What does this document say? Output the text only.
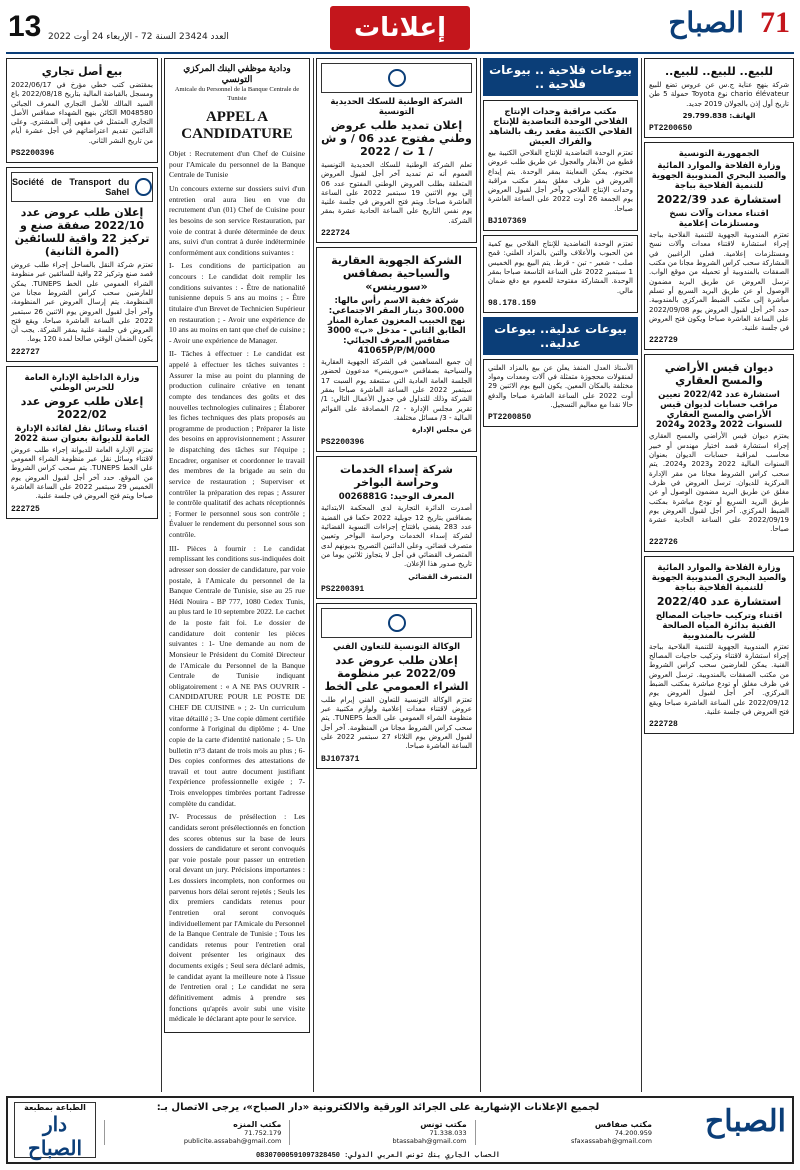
13 العدد 23424 السنة 72 - الإربعاء 24 أوت 2022	إعلانات	71
الصباح
للبيع.. للبيع.. للبيع..
شركة بنهج عناية ج.س عن عروس تضع للبيع chario élévateur نوع Toyota حمولة 5 طن تاريخ أول إذن بالجولان 2019 جديد.
الهاتف: 29.799.838
PT2200650
الجمهورية التونسية
وزارة الفلاحة والموارد المائية والصيد البحري المندوبية الجهوية للتنمية الفلاحية بباجة
استشارة عدد 2022/39
اقتناء معدات وآلات نسخ ومستلزمات إعلامية
تعتزم المندوبية الجهوية للتنمية الفلاحية بباجة إجراء استشارة لاقتناء معدات وآلات نسخ ومستلزمات إعلامية. فعلى الراغبين في المشاركة سحب كراس الشروط مجانا من مكتب الصفقات بالمندوبية أو تحميله من موقع الواب. ترسل العروض عن طريق البريد مضمون الوصول أو عن طريق البريد السريع أو تسلم مباشرة إلى مكتب الضبط المركزي بالمندوبية. حدد آخر أجل لقبول العروض يوم 2022/09/08 على الساعة العاشرة صباحا ويكون فتح العروض في جلسة علنية.
222729
ديوان قيس الأراضي والمسح العقاري
استشارة عدد 2022/42 تعيين مراقب حسابات لديوان قيس الأراضي والمسح العقاري للسنوات 2022 و2023 و2024
يعتزم ديوان قيس الأراضي والمسح العقاري إجراء استشارة قصد اختيار مهندس أو خبير محاسب لمراقبة حسابات الديوان بعنوان السنوات المالية 2022 و2023 و2024. يتم سحب كراس الشروط مجانا من مقر الإدارة المركزية للديوان. ترسل العروض في ظرف مغلق عن طريق البريد مضمون الوصول أو عن طريق البريد السريع أو تودع مباشرة بمكتب الضبط المركزي. آخر أجل لقبول العروض يوم 2022/09/19 على الساعة الحادية عشرة صباحا.
222726
وزارة الفلاحة والموارد المائية والصيد البحري المندوبية الجهوية للتنمية الفلاحية بباجة
استشارة عدد 2022/40
اقتناء وتركيب حاجيات المصالح الفنية بدائرة المياه الصالحة للشرب بالمندوبية
تعتزم المندوبية الجهوية للتنمية الفلاحية بباجة إجراء استشارة لاقتناء وتركيب حاجيات المصالح الفنية. يمكن للعارضين سحب كراس الشروط من مكتب الصفقات بالمندوبية. ترسل العروض في ظرف مغلق أو تودع مباشرة بمكتب الضبط المركزي. آخر أجل لقبول العروض يوم 2022/09/12 على الساعة العاشرة صباحا ويقع فتح العروض في جلسة علنية.
222728
بيوعات فلاحية .. بيوعات فلاحية ..
مكتب مراقبة وحدات الإنتاج الفلاحي الوحدة التعاضدية للإنتاج الفلاحي الكتيبة مقعد ريف بالشاهد والفراك العيش
تعتزم الوحدة التعاضدية للإنتاج الفلاحي الكتيبة بيع قطيع من الأبقار والعجول عن طريق طلب عروض مختوم. يمكن المعاينة بمقر الوحدة. يتم إيداع العروض في ظرف مغلق بمقر مكتب مراقبة وحدات الإنتاج الفلاحي وآخر أجل لقبول العروض يوم الجمعة 26 أوت 2022 على الساعة العاشرة صباحا.
BJ107369
تعتزم الوحدة التعاضدية للإنتاج الفلاحي بيع كمية من الحبوب والأعلاف والتبن بالمزاد العلني: قمح صلب - شعير - تبن - قرط. يتم البيع يوم الخميس 1 سبتمبر 2022 على الساعة التاسعة صباحا بمقر الوحدة. المشاركة مفتوحة للعموم مع دفع ضمان مالي.
98.178.159
بيوعات عدلية.. بيوعات عدلية..
الأستاذ العدل المنفذ يعلن عن بيع بالمزاد العلني لمنقولات محجوزة متمثلة في آلات ومعدات ومواد مختلفة بالمكان المعين. يكون البيع يوم الاثنين 29 أوت 2022 على الساعة العاشرة صباحا والدفع حالا نقدا مع معاليم التسجيل.
PT2200850
الشركة الوطنية للسكك الحديدية التونسية
إعلان تمديد طلب عروض وطني مفتوح عدد 06 / و ش / 1 ت / 2022
تعلم الشركة الوطنية للسكك الحديدية التونسية العموم أنه تم تمديد آخر أجل لقبول العروض المتعلقة بطلب العروض الوطني المفتوح عدد 06 إلى يوم الاثنين 19 سبتمبر 2022 على الساعة العاشرة صباحا. ويتم فتح العروض في جلسة علنية يوم نفس التاريخ على الساعة الحادية عشرة بمقر الشركة.
222724
الشركة الجهوية العقارية والسياحية بصفاقس «سورينس»
شركة خفية الاسم رأس مالها: 300.000 دينار المقر الاجتماعي: نهج الحبيب المعزون عمارة المنار الطابق الثاني - مدخل «ب» 3000 صفاقس المعرف الجبائي: 41065P/P/M/000
إن جميع المساهمين في الشركة الجهوية العقارية والسياحية بصفاقس «سورينس» مدعوون لحضور الجلسة العامة العادية التي ستنعقد يوم السبت 17 سبتمبر 2022 على الساعة العاشرة صباحا بمقر الشركة وذلك للتداول في جدول الأعمال التالي: 1/ تقرير مجلس الإدارة - 2/ المصادقة على القوائم المالية - 3/ مسائل مختلفة.
عن مجلس الإدارة
PS2200396
شركة إسداء الخدمات وحراسة البواخر
المعرف الوحيد: 0026881G
أصدرت الدائرة التجارية لدى المحكمة الابتدائية بصفاقس بتاريخ 12 جويلية 2022 حكما في القضية عدد 283 يقضي بافتتاح إجراءات التسوية القضائية لشركة إسداء الخدمات وحراسة البواخر وتعيين متصرف قضائي. وعلى الدائنين التصريح بديونهم لدى المتصرف القضائي في أجل لا يتجاوز ثلاثين يوما من تاريخ صدور هذا الإعلان.
المتصرف القضائي
PS2200391
الوكالة التونسية للتعاون الفني
إعلان طلب عروض عدد 2022/09 عبر منظومة الشراء العمومي على الخط
تعتزم الوكالة التونسية للتعاون الفني إبرام طلب عروض لاقتناء معدات إعلامية ولوازم مكتبية عبر منظومة الشراء العمومي على الخط TUNEPS. يتم سحب كراس الشروط مجانا من المنظومة. آخر أجل لقبول العروض يوم الثلاثاء 27 سبتمبر 2022 على الساعة العاشرة صباحا.
BJ107371
ودادية موظفي البنك المركزي التونسي
Amicale du Personnel de la Banque Centrale de Tunisie
APPEL A CANDIDATURE
Objet : Recrutement d'un Chef de Cuisine pour l'Amicale du personnel de la Banque Centrale de Tunisie
Un concours externe sur dossiers suivi d'un entretien oral aura lieu en vue du recrutement d'un (01) Chef de Cuisine pour les besoins de son service Restauration, par voie de contrat à durée déterminée de deux ans, suivi d'un contrat à durée indéterminée conformément aux conditions suivantes :
I- Les conditions de participation au concours : Le candidat doit remplir les conditions suivantes : - Être de nationalité tunisienne depuis 5 ans au moins ; - Être titulaire d'un Brevet de Technicien Supérieur en restauration ; - Avoir une expérience de 10 ans au moins en tant que chef de cuisine ; - Avoir une expérience de Manager.
II- Tâches à effectuer : Le candidat est appelé à effectuer les tâches suivantes : Assurer la mise au point du planning de production culinaire créative en tenant compte des tendances des goûts et des nouvelles technologies culinaires ; Élaborer les fiches techniques des plats proposés au programme de production ; Préparer la liste des besoins en approvisionnement ; Assurer le dispatching des tâches sur l'équipe ; Encadrer, organiser et coordonner le travail des membres de la brigade au sein du service de restauration ; Superviser et contrôler la préparation des repas ; Assurer le contrôle qualitatif des achats réceptionnés ; Former le personnel sous son contrôle ; Évaluer le rendement du personnel sous son contrôle.
III- Pièces à fournir : Le candidat remplissant les conditions sus-indiquées doit adresser son dossier de candidature, par voie postale, à l'Amicale du personnel de la Banque Centrale de Tunisie, sise au 25 rue Hédi Nouira - BP 777, 1080 Cedex Tunis, au plus tard le 10 septembre 2022. Le cachet de la poste fait foi. Le dossier de candidature doit contenir les pièces suivantes : 1- Une demande au nom de Monsieur le Président du Comité Directeur de l'Amicale du Personnel de la Banque Centrale de Tunisie indiquant obligatoirement : « A NE PAS OUVRIR - CANDIDATURE POUR LE POSTE DE CHEF DE CUISINE » ; 2- Un curriculum vitae détaillé ; 3- Une copie dûment certifiée conforme à l'original du diplôme ; 4- Une copie de la carte d'identité nationale ; 5- Un bulletin n°3 datant de trois mois au plus ; 6- Des copies conformes des attestations de travail et tout autre document justifiant l'expérience professionnelle exigée ; 7- Trois enveloppes timbrées portant l'adresse complète du candidat.
IV- Processus de présélection : Les candidats seront présélectionnés en fonction des scores obtenus sur la base de leurs dossiers de candidature et seront convoqués par voie postale pour passer un entretien oral devant un jury. Précisions importantes : Les dossiers incomplets, non conformes ou parvenus hors délai seront rejetés ; Seuls les dix premiers candidats retenus pour l'entretien oral seront convoqués individuellement par l'Amicale du Personnel de la Banque Centrale de Tunisie ; Tous les candidats retenus pour l'entretien oral doivent présenter les originaux des documents exigés ; Seul sera déclaré admis, le candidat ayant la meilleure note à l'issue de l'entretien oral ; Le candidat ne sera définitivement admis à prendre ses fonctions qu'après avoir subi une visite médicale le déclarant apte pour le service.
بيع أصل تجاري
بمقتضى كتب خطي مؤرخ في 2022/06/17 ومسجل بالقباضة المالية بتاريخ 2022/08/18 باع السيد المالك للأصل التجاري المعرف الجبائي M048580 الكائن بنهج الشهداء صفاقس الأصل التجاري المتمثل في مقهى إلى المشتري. وعلى الدائنين تقديم اعتراضاتهم في أجل عشرة أيام من تاريخ النشر الثاني.
PS2200396
Société de Transport du Sahel
إعلان طلب عروض عدد 2022/10 صفقة صنع و تركيز 22 واقية للسائقين (المرة الثانية)
تعتزم شركة النقل بالساحل إجراء طلب عروض قصد صنع وتركيز 22 واقية للسائقين عبر منظومة الشراء العمومي على الخط TUNEPS. يمكن للعارضين سحب كراس الشروط مجانا من المنظومة. يتم إرسال العروض عبر المنظومة، وآخر أجل لقبول العروض يوم الاثنين 26 سبتمبر 2022 على الساعة العاشرة صباحا، ويقع فتح العروض في جلسة علنية بمقر الشركة. يجب أن يكون الضمان الوقتي صالحا لمدة 120 يوما.
222727
وزارة الداخلية الإدارة العامة للحرس الوطني
إعلان طلب عروض عدد 2022/02
اقتناء وسائل نقل لفائدة الإدارة العامة للديوانة بعنوان سنة 2022
تعتزم الإدارة العامة للديوانة إجراء طلب عروض لاقتناء وسائل نقل عبر منظومة الشراء العمومي على الخط TUNEPS. يتم سحب كراس الشروط من الموقع. حدد آخر أجل لقبول العروض يوم الخميس 29 سبتمبر 2022 على الساعة العاشرة صباحا ويتم فتح العروض في جلسة علنية.
222725
الصباح
الطباعة بمطبعة
دار الصباح
لجميع الإعلانات الإشهارية على الجرائد الورقية والالكترونية «دار الصباح»، يرجى الاتصال بـ:
مكتب المنزه
71.752.179
publicite.assabah@gmail.com
مكتب تونس
71.338.033
btassabah@gmail.com
مكتب صفاقس
74.200.959
sfaxassabah@gmail.com
الحساب الجاري بنك تونس العربي الدولي: 08307000591097328450
